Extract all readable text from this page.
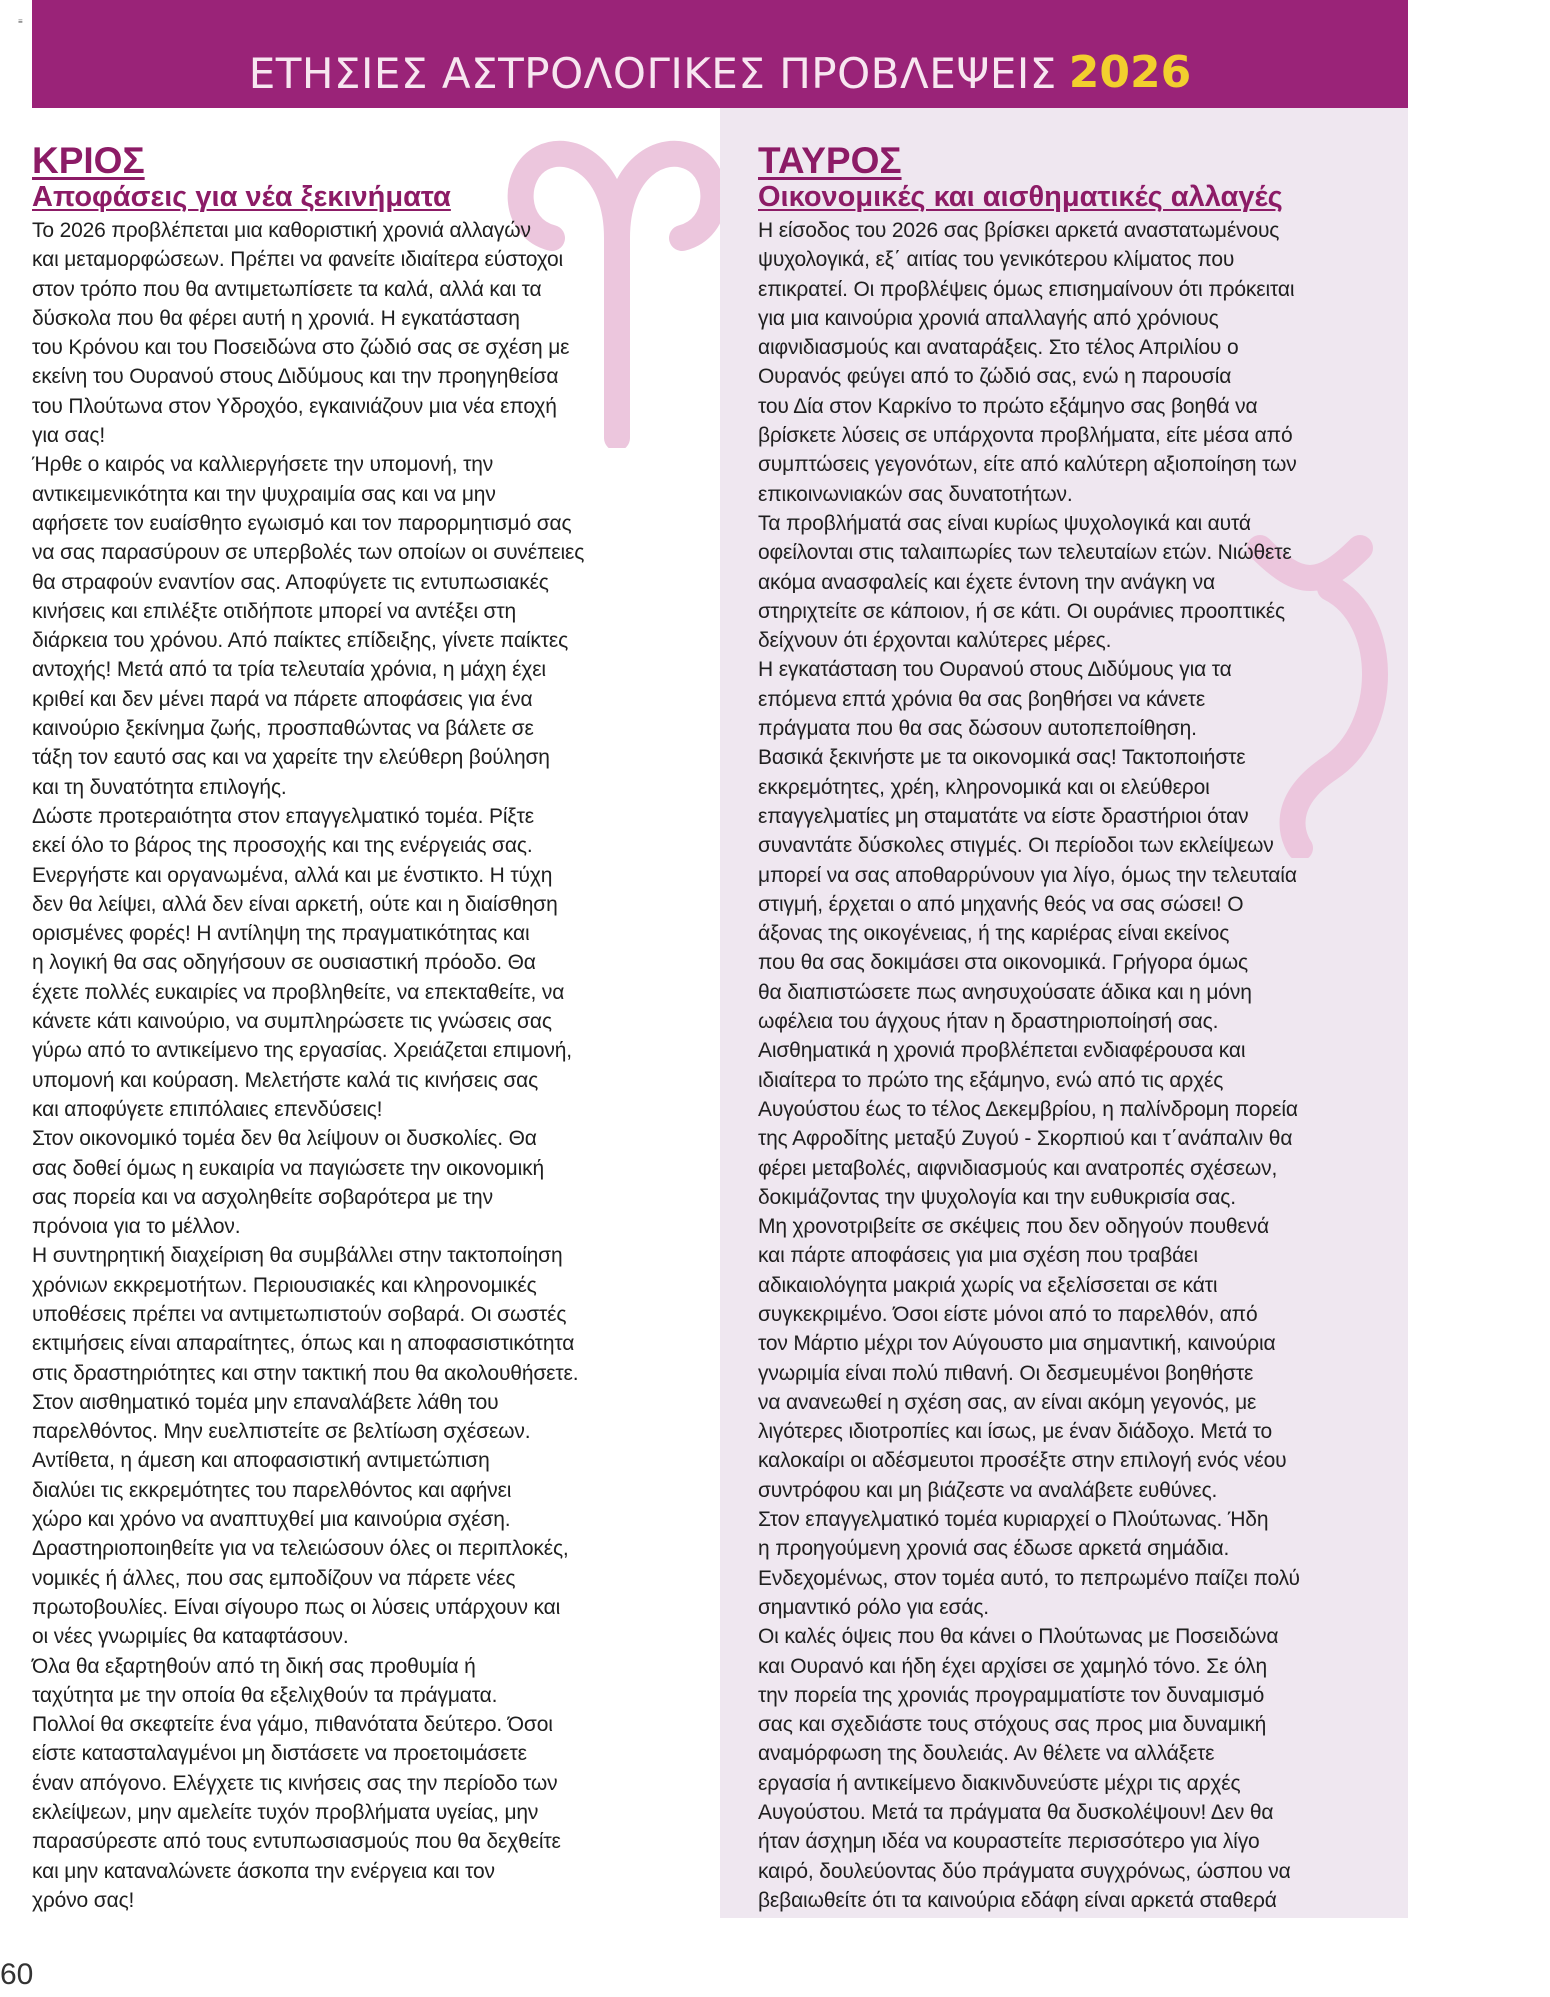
≡
ΕΤΗΣΙΕΣ ΑΣΤΡΟΛΟΓΙΚΕΣ ΠΡΟΒΛΕΨΕΙΣ 2026
ΚΡΙΟΣ
Αποφάσεις για νέα ξεκινήματα
Το 2026 προβλέπεται μια καθοριστική χρονιά αλλαγών
και μεταμορφώσεων. Πρέπει να φανείτε ιδιαίτερα εύστοχοι
στον τρόπο που θα αντιμετωπίσετε τα καλά, αλλά και τα
δύσκολα που θα φέρει αυτή η χρονιά. Η εγκατάσταση
του Κρόνου και του Ποσειδώνα στο ζώδιό σας σε σχέση με
εκείνη του Ουρανού στους Διδύμους και την προηγηθείσα
του Πλούτωνα στον Υδροχόο, εγκαινιάζουν μια νέα εποχή
για σας!
Ήρθε ο καιρός να καλλιεργήσετε την υπομονή, την
αντικειμενικότητα και την ψυχραιμία σας και να μην
αφήσετε τον ευαίσθητο εγωισμό και τον παρορμητισμό σας
να σας παρασύρουν σε υπερβολές των οποίων οι συνέπειες
θα στραφούν εναντίον σας. Αποφύγετε τις εντυπωσιακές
κινήσεις και επιλέξτε οτιδήποτε μπορεί να αντέξει στη
διάρκεια του χρόνου. Από παίκτες επίδειξης, γίνετε παίκτες
αντοχής! Μετά από τα τρία τελευταία χρόνια, η μάχη έχει
κριθεί και δεν μένει παρά να πάρετε αποφάσεις για ένα
καινούριο ξεκίνημα ζωής, προσπαθώντας να βάλετε σε
τάξη τον εαυτό σας και να χαρείτε την ελεύθερη βούληση
και τη δυνατότητα επιλογής.
Δώστε προτεραιότητα στον επαγγελματικό τομέα. Ρίξτε
εκεί όλο το βάρος της προσοχής και της ενέργειάς σας.
Ενεργήστε και οργανωμένα, αλλά και με ένστικτο. Η τύχη
δεν θα λείψει, αλλά δεν είναι αρκετή, ούτε και η διαίσθηση
ορισμένες φορές! Η αντίληψη της πραγματικότητας και
η λογική θα σας οδηγήσουν σε ουσιαστική πρόοδο. Θα
έχετε πολλές ευκαιρίες να προβληθείτε, να επεκταθείτε, να
κάνετε κάτι καινούριο, να συμπληρώσετε τις γνώσεις σας
γύρω από το αντικείμενο της εργασίας. Χρειάζεται επιμονή,
υπομονή και κούραση. Μελετήστε καλά τις κινήσεις σας
και αποφύγετε επιπόλαιες επενδύσεις!
Στον οικονομικό τομέα δεν θα λείψουν οι δυσκολίες. Θα
σας δοθεί όμως η ευκαιρία να παγιώσετε την οικονομική
σας πορεία και να ασχοληθείτε σοβαρότερα με την
πρόνοια για το μέλλον.
Η συντηρητική διαχείριση θα συμβάλλει στην τακτοποίηση
χρόνιων εκκρεμοτήτων. Περιουσιακές και κληρονομικές
υποθέσεις πρέπει να αντιμετωπιστούν σοβαρά. Οι σωστές
εκτιμήσεις είναι απαραίτητες, όπως και η αποφασιστικότητα
στις δραστηριότητες και στην τακτική που θα ακολουθήσετε.
Στον αισθηματικό τομέα μην επαναλάβετε λάθη του
παρελθόντος. Μην ευελπιστείτε σε βελτίωση σχέσεων.
Αντίθετα, η άμεση και αποφασιστική αντιμετώπιση
διαλύει τις εκκρεμότητες του παρελθόντος και αφήνει
χώρο και χρόνο να αναπτυχθεί μια καινούρια σχέση.
Δραστηριοποιηθείτε για να τελειώσουν όλες οι περιπλοκές,
νομικές ή άλλες, που σας εμποδίζουν να πάρετε νέες
πρωτοβουλίες. Είναι σίγουρο πως οι λύσεις υπάρχουν και
οι νέες γνωριμίες θα καταφτάσουν.
Όλα θα εξαρτηθούν από τη δική σας προθυμία ή
ταχύτητα με την οποία θα εξελιχθούν τα πράγματα.
Πολλοί θα σκεφτείτε ένα γάμο, πιθανότατα δεύτερο. Όσοι
είστε κατασταλαγμένοι μη διστάσετε να προετοιμάσετε
έναν απόγονο. Ελέγχετε τις κινήσεις σας την περίοδο των
εκλείψεων, μην αμελείτε τυχόν προβλήματα υγείας, μην
παρασύρεστε από τους εντυπωσιασμούς που θα δεχθείτε
και μην καταναλώνετε άσκοπα την ενέργεια και τον
χρόνο σας!
ΤΑΥΡΟΣ
Οικονομικές και αισθηματικές αλλαγές
Η είσοδος του 2026 σας βρίσκει αρκετά αναστατωμένους
ψυχολογικά, εξ΄ αιτίας του γενικότερου κλίματος που
επικρατεί. Οι προβλέψεις όμως επισημαίνουν ότι πρόκειται
για μια καινούρια χρονιά απαλλαγής από χρόνιους
αιφνιδιασμούς και αναταράξεις. Στο τέλος Απριλίου ο
Ουρανός φεύγει από το ζώδιό σας, ενώ η παρουσία
του Δία στον Καρκίνο το πρώτο εξάμηνο σας βοηθά να
βρίσκετε λύσεις σε υπάρχοντα προβλήματα, είτε μέσα από
συμπτώσεις γεγονότων, είτε από καλύτερη αξιοποίηση των
επικοινωνιακών σας δυνατοτήτων.
Τα προβλήματά σας είναι κυρίως ψυχολογικά και αυτά
οφείλονται στις ταλαιπωρίες των τελευταίων ετών. Νιώθετε
ακόμα ανασφαλείς και έχετε έντονη την ανάγκη να
στηριχτείτε σε κάποιον, ή σε κάτι. Οι ουράνιες προοπτικές
δείχνουν ότι έρχονται καλύτερες μέρες.
Η εγκατάσταση του Ουρανού στους Διδύμους για τα
επόμενα επτά χρόνια θα σας βοηθήσει να κάνετε
πράγματα που θα σας δώσουν αυτοπεποίθηση.
Βασικά ξεκινήστε με τα οικονομικά σας! Τακτοποιήστε
εκκρεμότητες, χρέη, κληρονομικά και οι ελεύθεροι
επαγγελματίες μη σταματάτε να είστε δραστήριοι όταν
συναντάτε δύσκολες στιγμές. Οι περίοδοι των εκλείψεων
μπορεί να σας αποθαρρύνουν για λίγο, όμως την τελευταία
στιγμή, έρχεται ο από μηχανής θεός να σας σώσει! Ο
άξονας της οικογένειας, ή της καριέρας είναι εκείνος
που θα σας δοκιμάσει στα οικονομικά. Γρήγορα όμως
θα διαπιστώσετε πως ανησυχούσατε άδικα και η μόνη
ωφέλεια του άγχους ήταν η δραστηριοποίησή σας.
Αισθηματικά η χρονιά προβλέπεται ενδιαφέρουσα και
ιδιαίτερα το πρώτο της εξάμηνο, ενώ από τις αρχές
Αυγούστου έως το τέλος Δεκεμβρίου, η παλίνδρομη πορεία
της Αφροδίτης μεταξύ Ζυγού - Σκορπιού και τ΄ανάπαλιν θα
φέρει μεταβολές, αιφνιδιασμούς και ανατροπές σχέσεων,
δοκιμάζοντας την ψυχολογία και την ευθυκρισία σας.
Μη χρονοτριβείτε σε σκέψεις που δεν οδηγούν πουθενά
και πάρτε αποφάσεις για μια σχέση που τραβάει
αδικαιολόγητα μακριά χωρίς να εξελίσσεται σε κάτι
συγκεκριμένο. Όσοι είστε μόνοι από το παρελθόν, από
τον Μάρτιο μέχρι τον Αύγουστο μια σημαντική, καινούρια
γνωριμία είναι πολύ πιθανή. Οι δεσμευμένοι βοηθήστε
να ανανεωθεί η σχέση σας, αν είναι ακόμη γεγονός, με
λιγότερες ιδιοτροπίες και ίσως, με έναν διάδοχο. Μετά το
καλοκαίρι οι αδέσμευτοι προσέξτε στην επιλογή ενός νέου
συντρόφου και μη βιάζεστε να αναλάβετε ευθύνες.
Στον επαγγελματικό τομέα κυριαρχεί ο Πλούτωνας. Ήδη
η προηγούμενη χρονιά σας έδωσε αρκετά σημάδια.
Ενδεχομένως, στον τομέα αυτό, το πεπρωμένο παίζει πολύ
σημαντικό ρόλο για εσάς.
Οι καλές όψεις που θα κάνει ο Πλούτωνας με Ποσειδώνα
και Ουρανό και ήδη έχει αρχίσει σε χαμηλό τόνο. Σε όλη
την πορεία της χρονιάς προγραμματίστε τον δυναμισμό
σας και σχεδιάστε τους στόχους σας προς μια δυναμική
αναμόρφωση της δουλειάς. Αν θέλετε να αλλάξετε
εργασία ή αντικείμενο διακινδυνεύστε μέχρι τις αρχές
Αυγούστου. Μετά τα πράγματα θα δυσκολέψουν! Δεν θα
ήταν άσχημη ιδέα να κουραστείτε περισσότερο για λίγο
καιρό, δουλεύοντας δύο πράγματα συγχρόνως, ώσπου να
βεβαιωθείτε ότι τα καινούρια εδάφη είναι αρκετά σταθερά
60
